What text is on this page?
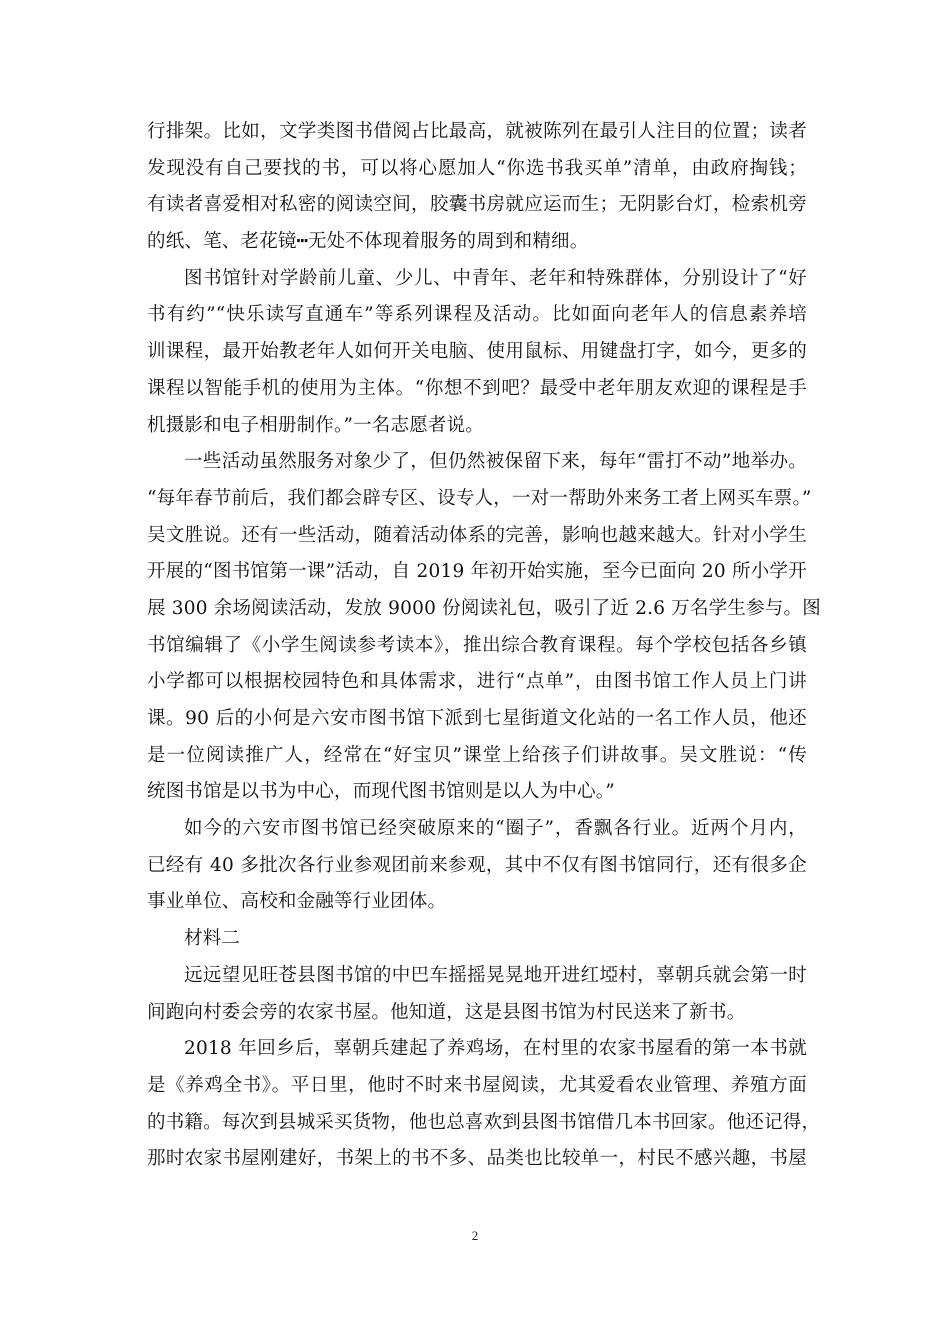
行排架。比如，文学类图书借阅占比最高，就被陈列在最引人注目的位置；读者
发现没有自己要找的书，可以将心愿加人“你选书我买单”清单，由政府掏钱；
有读者喜爱相对私密的阅读空间，胶囊书房就应运而生；无阴影台灯，检索机旁
的纸、笔、老花镜┅无处不体现着服务的周到和精细。
图书馆针对学龄前儿童、少儿、中青年、老年和特殊群体，分别设计了“好
书有约”“快乐读写直通车”等系列课程及活动。比如面向老年人的信息素养培
训课程，最开始教老年人如何开关电脑、使用鼠标、用键盘打字，如今，更多的
课程以智能手机的使用为主体。“你想不到吧？最受中老年朋友欢迎的课程是手
机摄影和电子相册制作。”一名志愿者说。
一些活动虽然服务对象少了，但仍然被保留下来，每年“雷打不动”地举办。
“每年春节前后，我们都会辟专区、设专人，一对一帮助外来务工者上网买车票。”
吴文胜说。还有一些活动，随着活动体系的完善，影响也越来越大。针对小学生
开展的“图书馆第一课”活动，自 2019 年初开始实施，至今已面向 20 所小学开
展 300 余场阅读活动，发放 9000 份阅读礼包，吸引了近 2.6 万名学生参与。图
书馆编辑了《小学生阅读参考读本》，推出综合教育课程。每个学校包括各乡镇
小学都可以根据校园特色和具体需求，进行“点单”，由图书馆工作人员上门讲
课。90 后的小何是六安市图书馆下派到七星街道文化站的一名工作人员，他还
是一位阅读推广人，经常在“好宝贝”课堂上给孩子们讲故事。吴文胜说：“传
统图书馆是以书为中心，而现代图书馆则是以人为中心。”
如今的六安市图书馆已经突破原来的“圈子”，香飘各行业。近两个月内，
已经有 40 多批次各行业参观团前来参观，其中不仅有图书馆同行，还有很多企
事业单位、高校和金融等行业团体。
材料二
远远望见旺苍县图书馆的中巴车摇摇晃晃地开进红埡村，辜朝兵就会第一时
间跑向村委会旁的农家书屋。他知道，这是县图书馆为村民送来了新书。
2018 年回乡后，辜朝兵建起了养鸡场，在村里的农家书屋看的第一本书就
是《养鸡全书》。平日里，他时不时来书屋阅读，尤其爱看农业管理、养殖方面
的书籍。每次到县城采买货物，他也总喜欢到县图书馆借几本书回家。他还记得，
那时农家书屋刚建好，书架上的书不多、品类也比较单一，村民不感兴趣，书屋
2
